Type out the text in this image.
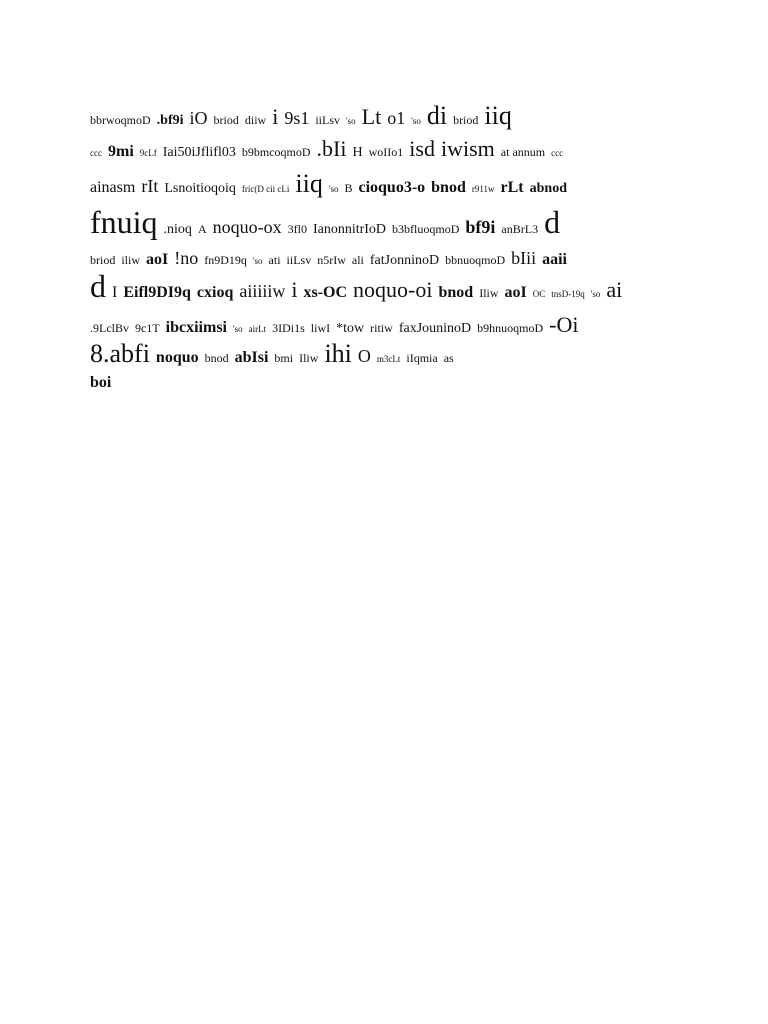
bbrwoqmoD .bf9i iO briod diiw i 9s1 iiLsv 'so Lt o1 'so di briod iiq
ccc 9mi 9cLf Iai50iJflifl03 b9bmcoqmoD .bIi H woIIo1 isd iwism at annum ccc
ainasm rIt Lsnoitioqoiq fric(D cii cLi iiq 'so B cioquo3-o bnod r911w rLt abnod
fnuiq .nioq A noquo-ox 3fl0 IanonnitrIoD b3bfluoqmoD bf9i anBrL3 d
briod iliw aoI !no fn9D19q 'so ati iiLsv n5rIw ali fatJonninoD bbnuoqmoD bIii aaii
d I Eifl9DI9q cxioq aiiiiiw i xs-OC noquo-oi bnod Iliw aoI OC tnsD-19q 'so ai
.9LclBv 9c1T ibcxiimsi 'so airLt 3IDi1s liwI *tow ritiw faxJouninoD b9hnuoqmoD -Oi
8.abfi noquo bnod abIsi bmi Iliw ihi O m3cLt iIqmia as
boi
